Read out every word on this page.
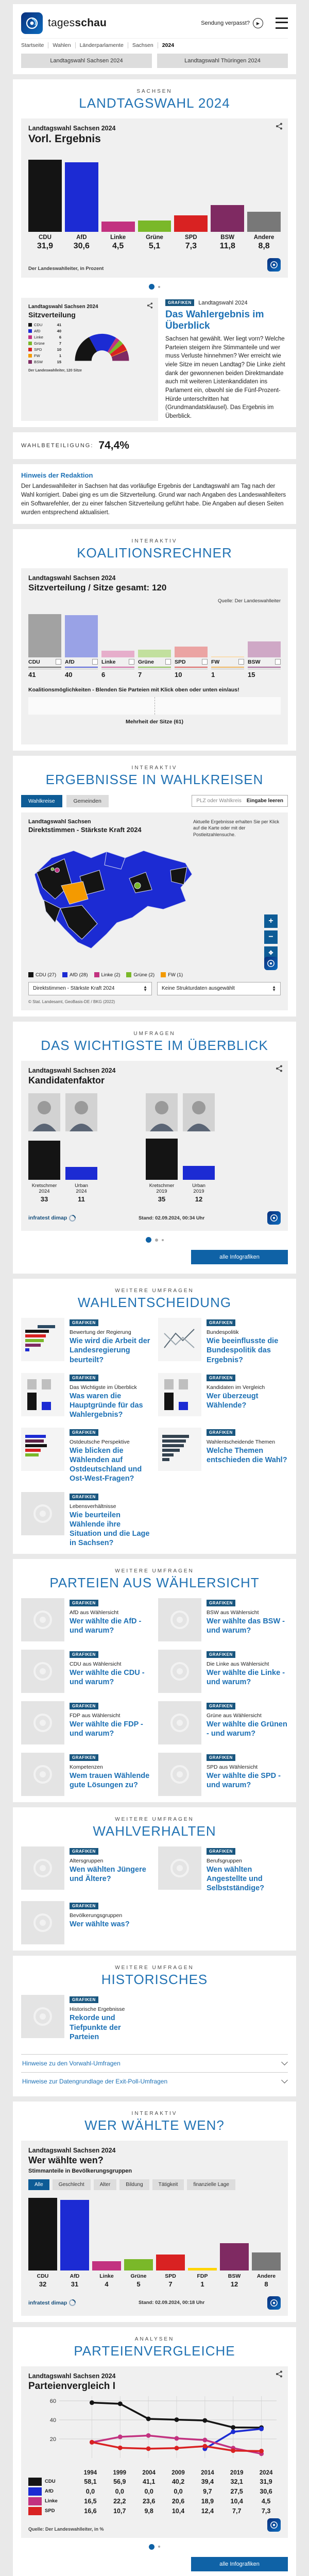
tagesschau	Sendung verpasst?	▶
Startseite	Wahlen	Länderparlamente	Sachsen	2024
Landtagswahl Sachsen 2024	Landtagswahl Thüringen 2024
SACHSEN
LANDTAGSWAHL 2024
Landtagswahl Sachsen 2024
Vorl. Ergebnis
CDU
31,9
AfD
30,6
Linke
4,5
Grüne
5,1
SPD
7,3
BSW
11,8
Andere
8,8
Der Landeswahlleiter, in Prozent
Landtagswahl Sachsen 2024
Sitzverteilung
CDU	41
AfD	40
Linke	6
Grüne	7
SPD	10
FW	1
BSW	15
Der Landeswahlleiter, 120 Sitze
GRAFIKEN Landtagswahl 2024
Das Wahlergebnis im Überblick
Sachsen hat gewählt. Wer liegt vorn? Welche Parteien steigern ihre Stimmanteile und wer muss Verluste hinnehmen? Wer erreicht wie viele Sitze im neuen Landtag? Die Linke zieht dank der gewonnenen beiden Direktmandate auch mit weiteren Listenkandidaten ins Parlament ein, obwohl sie die Fünf-Prozent-Hürde unterschritten hat (Grundmandatsklausel). Das Ergebnis im Überblick.
WAHLBETEILIGUNG: 74,4%
Hinweis der Redaktion
Der Landeswahlleiter in Sachsen hat das vorläufige Ergebnis der Landtagswahl am Tag nach der Wahl korrigiert. Dabei ging es um die Sitzverteilung. Grund war nach Angaben des Landeswahlleiters ein Softwarefehler, der zu einer falschen Sitzverteilung geführt habe. Die Angaben auf diesen Seiten wurden entsprechend aktualisiert.
INTERAKTIV
KOALITIONSRECHNER
Landtagswahl Sachsen 2024
Sitzverteilung / Sitze gesamt: 120
Quelle: Der Landeswahlleiter
CDU
41
AfD
40
Linke
6
Grüne
7
SPD
10
FW
1
BSW
15
Koalitionsmöglichkeiten - Blenden Sie Parteien mit Klick oben oder unten ein/aus!
Mehrheit der Sitze (61)
INTERAKTIV
ERGEBNISSE IN WAHLKREISEN
Wahlkreise	Gemeinden	PLZ oder Wahlkreis Eingabe leeren
Landtagswahl Sachsen
Direktstimmen - Stärkste Kraft 2024
Aktuelle Ergebnisse erhalten Sie per Klick auf die Karte oder mit der Postleitzahlensuche.
+
−
✥
CDU (27)	AfD (28)	Linke (2)	Grüne (2)	FW (1)
Direktstimmen - Stärkste Kraft 2024	▲
▼	Keine Strukturdaten ausgewählt	▲
▼
© Stat. Landesamt, GeoBasis-DE / BKG (2022)
UMFRAGEN
DAS WICHTIGSTE IM ÜBERBLICK
Landtagswahl Sachsen 2024
Kandidatenfaktor
Kretschmer
2024
33
Urban
2024
11
Kretschmer
2019
35
Urban
2019
12
infratest dimap	Stand: 02.09.2024, 00:34 Uhr
alle Infografiken
WEITERE UMFRAGEN
WAHLENTSCHEIDUNG
GRAFIKEN
Bewertung der Regierung
Wie wird die Arbeit der Landesregierung beurteilt?
GRAFIKEN
Bundespolitik
Wie beeinflusste die Bundespolitik das Ergebnis?
GRAFIKEN
Das Wichtigste im Überblick
Was waren die Hauptgründe für das Wahlergebnis?
GRAFIKEN
Kandidaten im Vergleich
Wer überzeugt Wählende?
GRAFIKEN
Ostdeutsche Perspektive
Wie blicken die Wählenden auf Ostdeutschland und Ost-West-Fragen?
GRAFIKEN
Wahlentscheidende Themen
Welche Themen entschieden die Wahl?
GRAFIKEN
Lebensverhältnisse
Wie beurteilen Wählende ihre Situation und die Lage in Sachsen?
WEITERE UMFRAGEN
PARTEIEN AUS WÄHLERSICHT
GRAFIKEN
AfD aus Wählersicht
Wer wählte die AfD - und warum?
GRAFIKEN
BSW aus Wählersicht
Wer wählte das BSW - und warum?
GRAFIKEN
CDU aus Wählersicht
Wer wählte die CDU - und warum?
GRAFIKEN
Die Linke aus Wählersicht
Wer wählte die Linke - und warum?
GRAFIKEN
FDP aus Wählersicht
Wer wählte die FDP - und warum?
GRAFIKEN
Grüne aus Wählersicht
Wer wählte die Grünen - und warum?
GRAFIKEN
Kompetenzen
Wem trauen Wählende gute Lösungen zu?
GRAFIKEN
SPD aus Wählersicht
Wer wählte die SPD - und warum?
WEITERE UMFRAGEN
WAHLVERHALTEN
GRAFIKEN
Altersgruppen
Wen wählten Jüngere und Ältere?
GRAFIKEN
Berufsgruppen
Wen wählten Angestellte und Selbstständige?
GRAFIKEN
Bevölkerungsgruppen
Wer wählte was?
WEITERE UMFRAGEN
HISTORISCHES
GRAFIKEN
Historische Ergebnisse
Rekorde und Tiefpunkte der Parteien
Hinweise zu den Vorwahl-Umfragen
Hinweise zur Datengrundlage der Exit-Poll-Umfragen
INTERAKTIV
WER WÄHLTE WEN?
Landtagswahl Sachsen 2024
Wer wählte wen?
Stimmanteile in Bevölkerungsgruppen
Alle	Geschlecht	Alter	Bildung	Tätigkeit	finanzielle Lage
CDU
32
AfD
31
Linke
4
Grüne
5
SPD
7
FDP
1
BSW
12
Andere
8
infratest dimap	Stand: 02.09.2024, 00:18 Uhr
ANALYSEN
PARTEIENVERGLEICHE
Landtagswahl Sachsen 2024
Parteienvergleich I
20
40
60
1994	1999	2004	2009	2014	2019	2024
CDU	58,1	56,9	41,1	40,2	39,4	32,1	31,9
AfD	0,0	0,0	0,0	0,0	9,7	27,5	30,6
Linke	16,5	22,2	23,6	20,6	18,9	10,4	4,5
SPD	16,6	10,7	9,8	10,4	12,4	7,7	7,3
Quelle: Der Landeswahlleiter, in %
alle Infografiken
